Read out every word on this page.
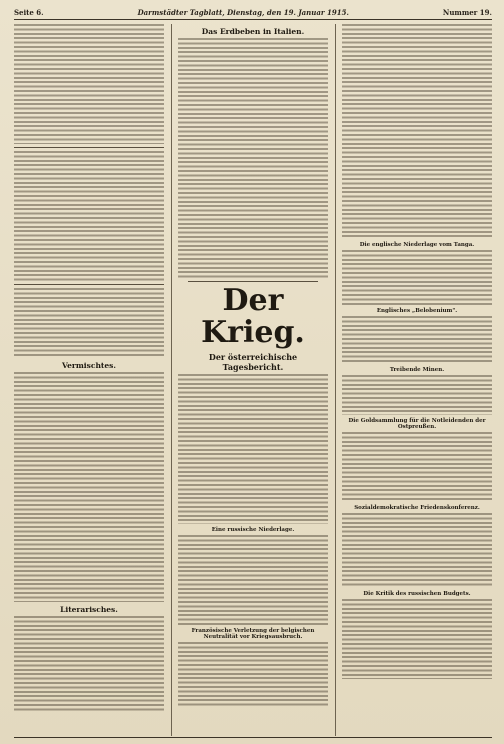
Seite 6.	Darmstädter Tagblatt, Dienstag, den 19. Januar 1915.	Nummer 19.
Vermischtes.
Literarisches.
Das Erdbeben in Italien.
Der Krieg.
Der österreichische Tagesbericht.
Eine russische Niederlage.
Französische Verletzung der belgischen Neutralität vor Kriegsausbruch.
Die englische Niederlage vom Tanga.
Englisches „Belobenium".
Treibende Minen.
Die Goldsammlung für die Notleidenden der Ostpreußen.
Sozialdemokratische Friedenskonferenz.
Die Kritik des russischen Budgets.
